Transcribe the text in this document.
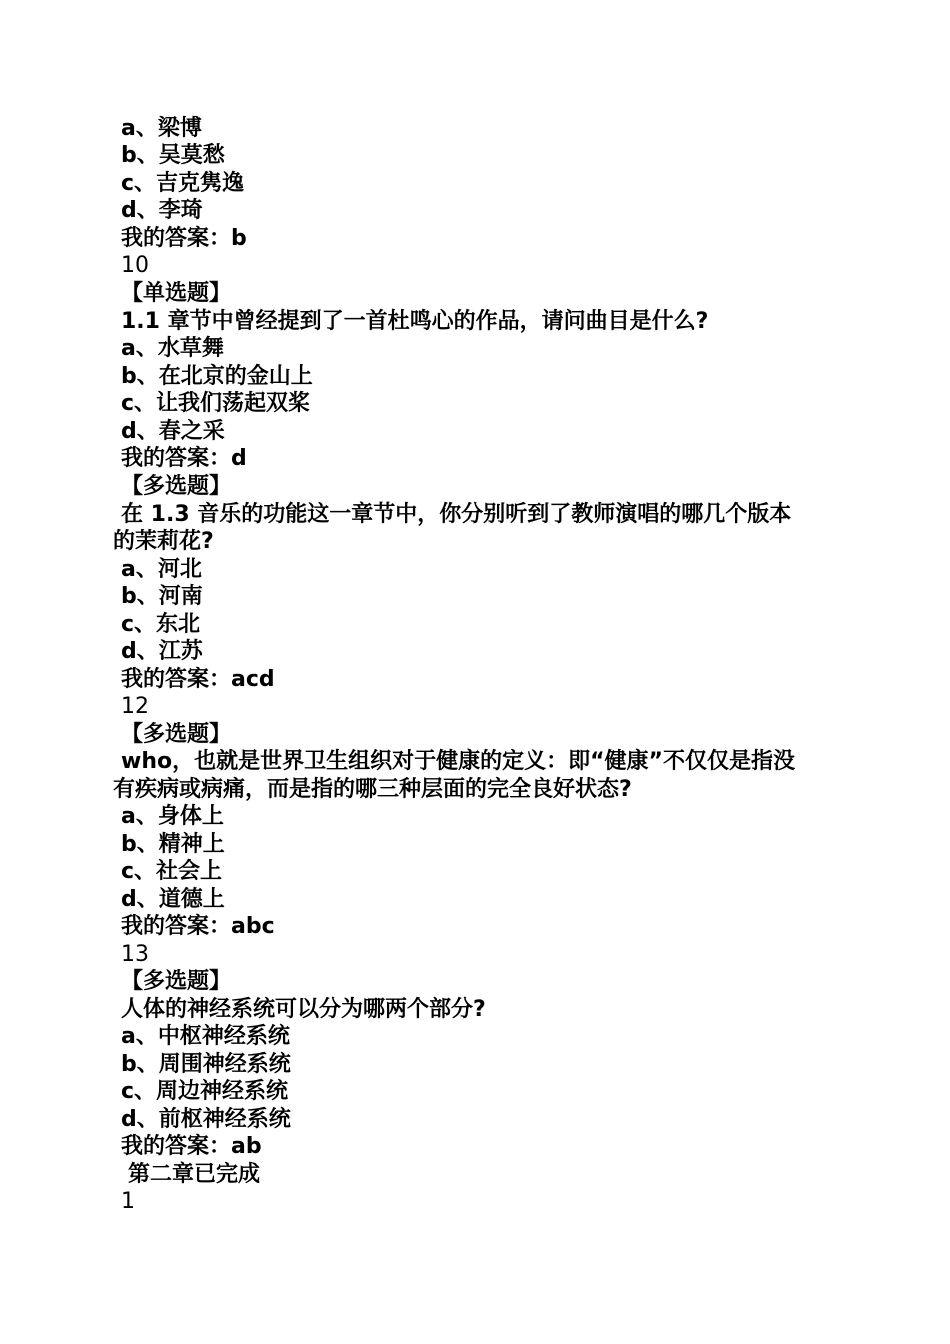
a、梁博
b、吴莫愁
c、吉克隽逸
d、李琦
我的答案：b
10
【单选题】
1.1 章节中曾经提到了一首杜鸣心的作品，请问曲目是什么?
a、水草舞
b、在北京的金山上
c、让我们荡起双桨
d、春之采
我的答案：d
【多选题】
在 1.3 音乐的功能这一章节中，你分别听到了教师演唱的哪几个版本
的茉莉花?
a、河北
b、河南
c、东北
d、江苏
我的答案：acd
12
【多选题】
who，也就是世界卫生组织对于健康的定义：即“健康”不仅仅是指没
有疾病或病痛，而是指的哪三种层面的完全良好状态?
a、身体上
b、精神上
c、社会上
d、道德上
我的答案：abc
13
【多选题】
人体的神经系统可以分为哪两个部分?
a、中枢神经系统
b、周围神经系统
c、周边神经系统
d、前枢神经系统
我的答案：ab
第二章已完成
1
